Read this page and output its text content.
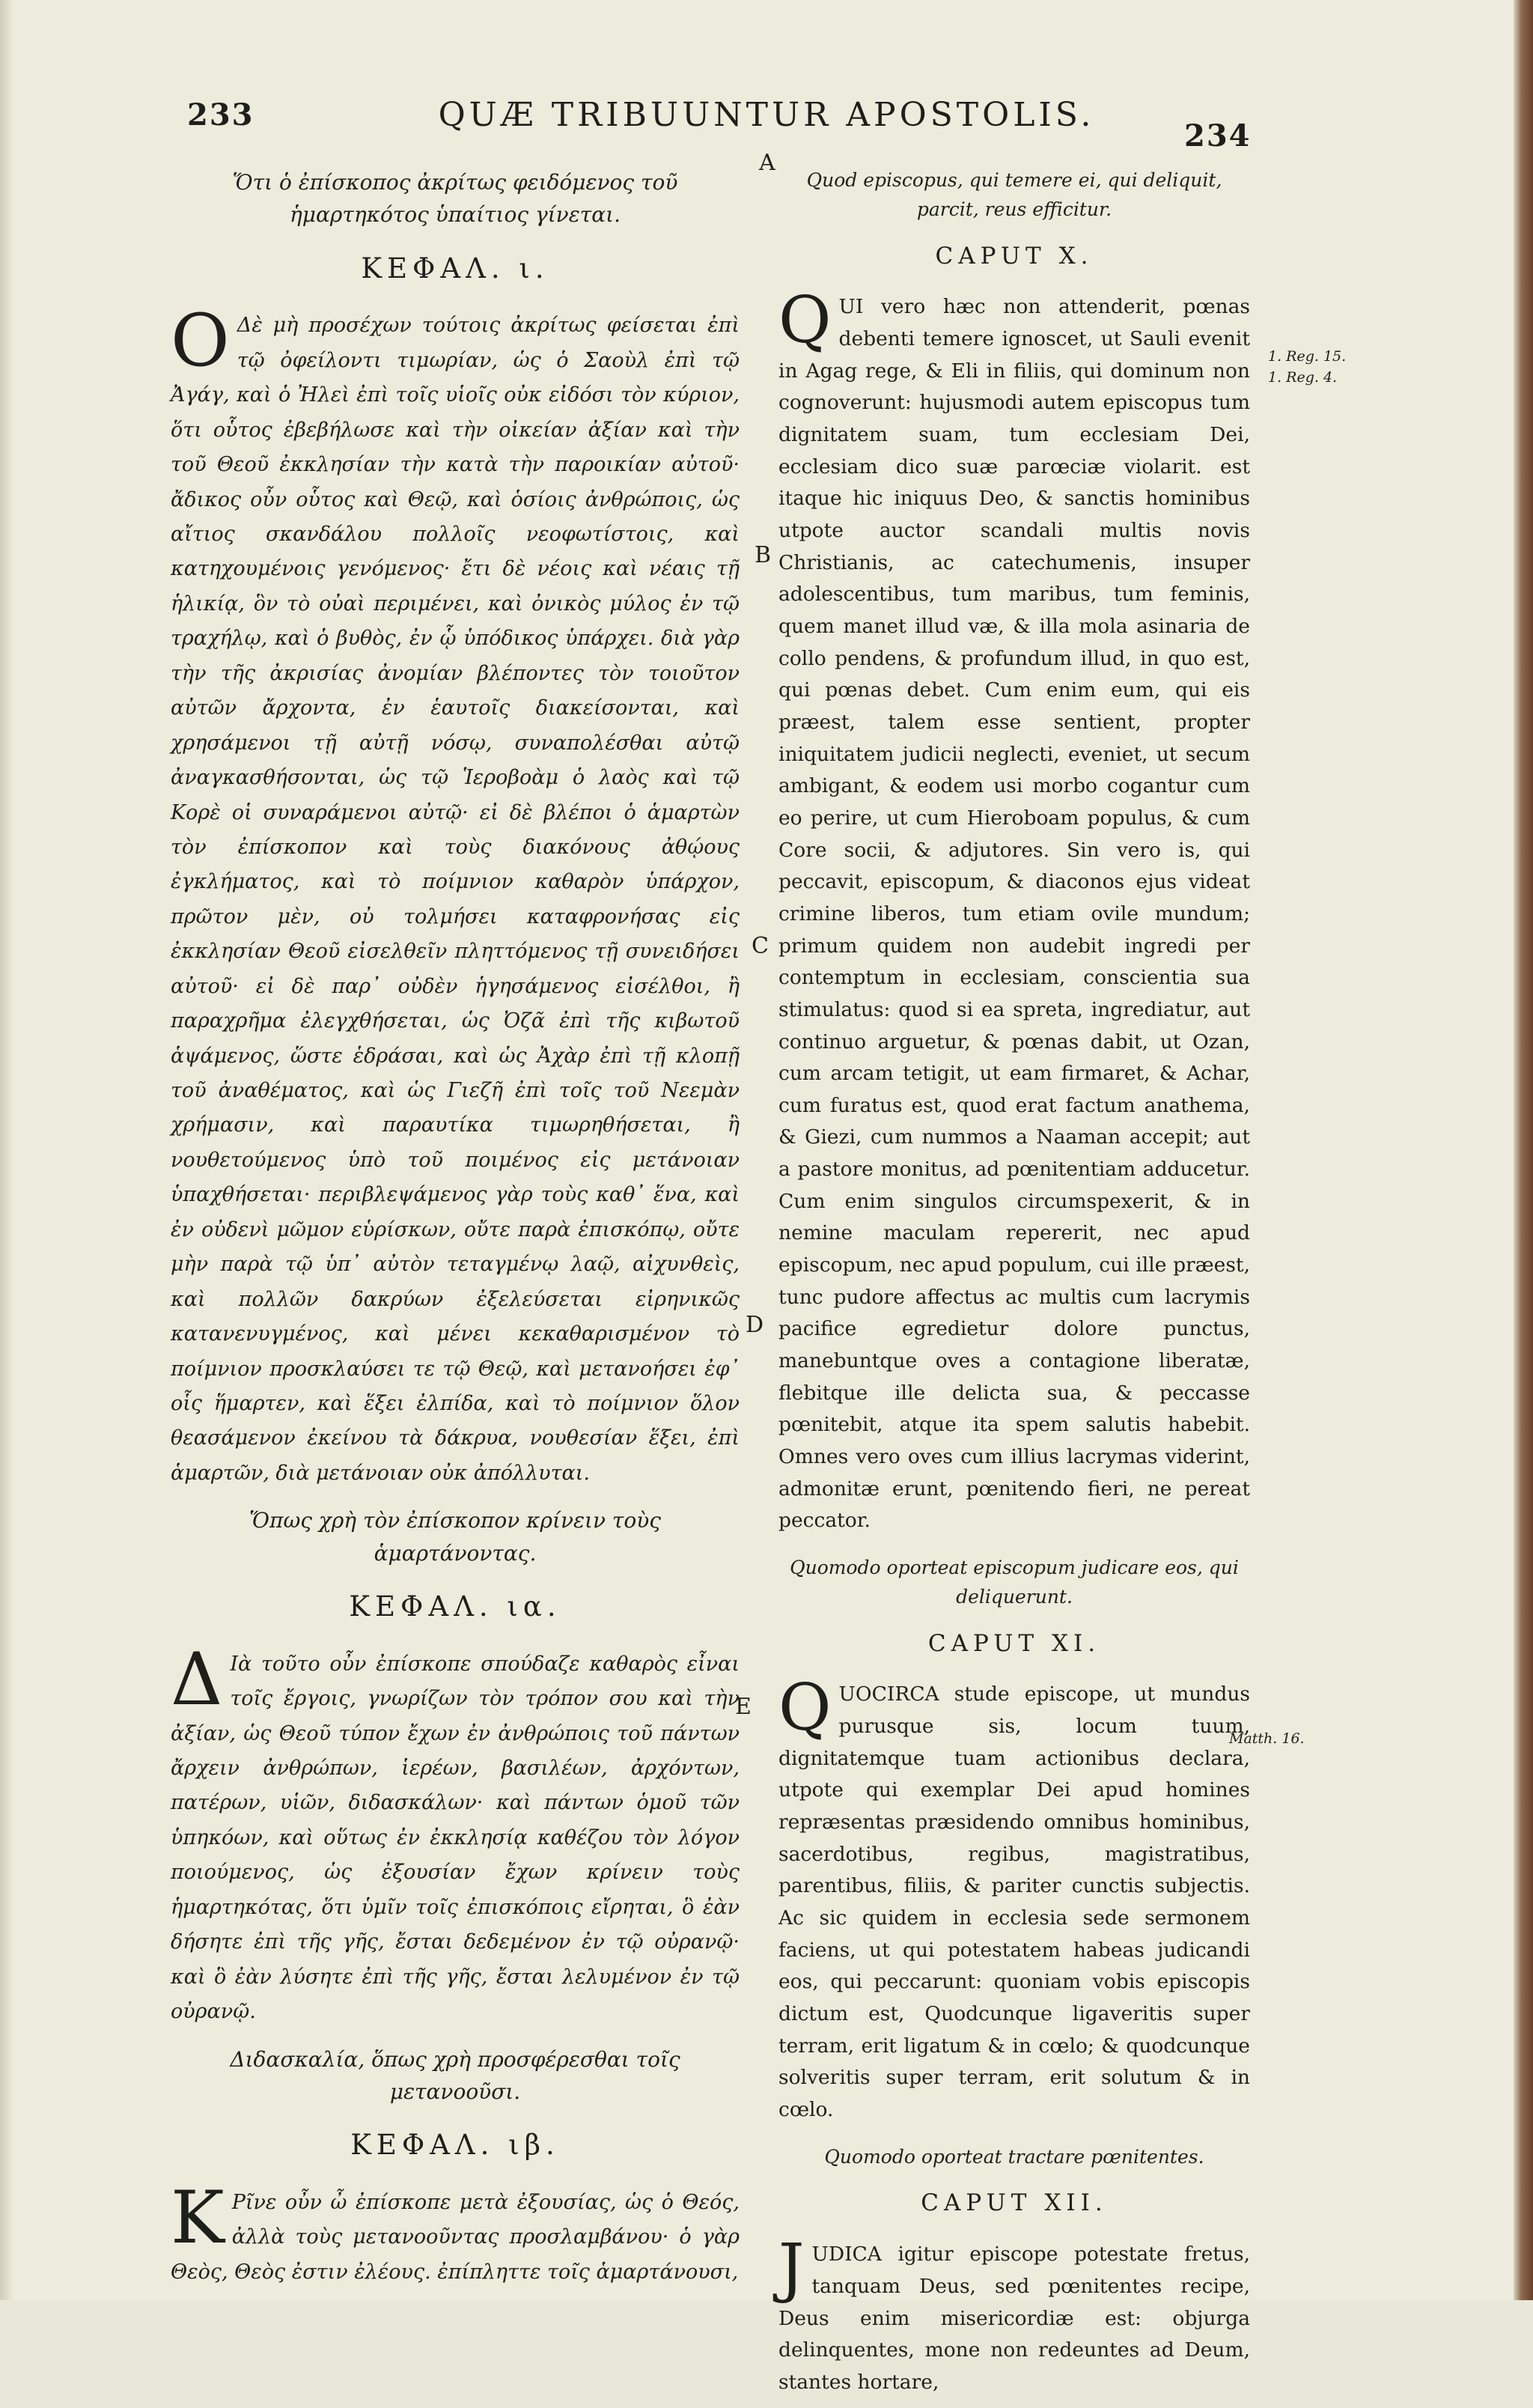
233	QUÆ TRIBUUNTUR APOSTOLIS.
234
Ὅτι ὁ ἐπίσκοπος ἀκρίτως φειδόμενος τοῦ ἡμαρτηκότος ὑπαίτιος γίνεται.
ΚΕΦΑΛ. ι.

Ο Δὲ μὴ προσέχων τούτοις ἀκρίτως φείσεται ἐπὶ τῷ ὀφείλοντι τιμωρίαν, ὡς ὁ Σαοὺλ ἐπὶ τῷ Ἀγάγ, καὶ ὁ Ἠλεὶ ἐπὶ τοῖς υἱοῖς οὐκ εἰδόσι τὸν κύριον, ὅτι οὗτος ἐβεβήλωσε καὶ τὴν οἰκείαν ἀξίαν καὶ τὴν τοῦ Θεοῦ ἐκκλησίαν τὴν κατὰ τὴν παροικίαν αὐτοῦ· ἄδικος οὖν οὗτος καὶ Θεῷ, καὶ ὁσίοις ἀνθρώποις, ὡς αἴτιος σκανδάλου πολλοῖς νεοφωτίστοις, καὶ κατηχουμένοις γενόμενος· ἔτι δὲ νέοις καὶ νέαις τῇ ἡλικίᾳ, ὃν τὸ οὐαὶ περιμένει, καὶ ὀνικὸς μύλος ἐν τῷ τραχήλῳ, καὶ ὁ βυθὸς, ἐν ᾧ ὑπόδικος ὑπάρχει. διὰ γὰρ τὴν τῆς ἀκρισίας ἀνομίαν βλέποντες τὸν τοιοῦτον αὐτῶν ἄρχοντα, ἐν ἑαυτοῖς διακείσονται, καὶ χρησάμενοι τῇ αὐτῇ νόσῳ, συναπολέσθαι αὐτῷ ἀναγκασθήσονται, ὡς τῷ Ἱεροβοὰμ ὁ λαὸς καὶ τῷ Κορὲ οἱ συναράμενοι αὐτῷ· εἰ δὲ βλέποι ὁ ἁμαρτὼν τὸν ἐπίσκοπον καὶ τοὺς διακόνους ἀθῴους ἐγκλήματος, καὶ τὸ ποίμνιον καθαρὸν ὑπάρχον, πρῶτον μὲν, οὐ τολμήσει καταφρονήσας εἰς ἐκκλησίαν Θεοῦ εἰσελθεῖν πληττόμενος τῇ συνειδήσει αὐτοῦ· εἰ δὲ παρ᾽ οὐδὲν ἡγησάμενος εἰσέλθοι, ἢ παραχρῆμα ἐλεγχθήσεται, ὡς Ὀζᾶ ἐπὶ τῆς κιβωτοῦ ἁψάμενος, ὥστε ἑδράσαι, καὶ ὡς Ἀχὰρ ἐπὶ τῇ κλοπῇ τοῦ ἀναθέματος, καὶ ὡς Γιεζῆ ἐπὶ τοῖς τοῦ Νεεμὰν χρήμασιν, καὶ παραυτίκα τιμωρηθήσεται, ἢ νουθετούμενος ὑπὸ τοῦ ποιμένος εἰς μετάνοιαν ὑπαχθήσεται· περιβλεψάμενος γὰρ τοὺς καθ᾽ ἕνα, καὶ ἐν οὐδενὶ μῶμον εὑρίσκων, οὔτε παρὰ ἐπισκόπῳ, οὔτε μὴν παρὰ τῷ ὑπ᾽ αὐτὸν τεταγμένῳ λαῷ, αἰχυνθεὶς, καὶ πολλῶν δακρύων ἐξελεύσεται εἰρηνικῶς κατανενυγμένος, καὶ μένει κεκαθαρισμένον τὸ ποίμνιον προσκλαύσει τε τῷ Θεῷ, καὶ μετανοήσει ἐφ᾽ οἷς ἥμαρτεν, καὶ ἕξει ἐλπίδα, καὶ τὸ ποίμνιον ὅλον θεασάμενον ἐκείνου τὰ δάκρυα, νουθεσίαν ἕξει, ἐπὶ ἁμαρτῶν, διὰ μετάνοιαν οὐκ ἀπόλλυται.

Ὅπως χρὴ τὸν ἐπίσκοπον κρίνειν τοὺς ἁμαρτάνοντας.
ΚΕΦΑΛ. ια.

Δ Ιὰ τοῦτο οὖν ἐπίσκοπε σπούδαζε καθαρὸς εἶναι τοῖς ἔργοις, γνωρίζων τὸν τρόπον σου καὶ τὴν ἀξίαν, ὡς Θεοῦ τύπον ἔχων ἐν ἀνθρώποις τοῦ πάντων ἄρχειν ἀνθρώπων, ἱερέων, βασιλέων, ἀρχόντων, πατέρων, υἱῶν, διδασκάλων· καὶ πάντων ὁμοῦ τῶν ὑπηκόων, καὶ οὕτως ἐν ἐκκλησίᾳ καθέζου τὸν λόγον ποιούμενος, ὡς ἐξουσίαν ἔχων κρίνειν τοὺς ἡμαρτηκότας, ὅτι ὑμῖν τοῖς ἐπισκόποις εἴρηται, ὃ ἐὰν δήσητε ἐπὶ τῆς γῆς, ἔσται δεδεμένον ἐν τῷ οὐρανῷ· καὶ ὃ ἐὰν λύσητε ἐπὶ τῆς γῆς, ἔσται λελυμένον ἐν τῷ οὐρανῷ.

Διδασκαλία, ὅπως χρὴ προσφέρεσθαι τοῖς μετανοοῦσι.
ΚΕΦΑΛ. ιβ.

Κ Ρῖνε οὖν ὦ ἐπίσκοπε μετὰ ἐξουσίας, ὡς ὁ Θεός, ἀλλὰ τοὺς μετανοοῦντας προσλαμβάνου· ὁ γὰρ Θεὸς, Θεὸς ἐστιν ἐλέους. ἐπίπληττε τοῖς ἁμαρτάνουσι,

A
B
C
D
E
Quod episcopus, qui temere ei, qui deliquit, parcit, reus efficitur.
CAPUT X.

QUI vero hæc non attenderit, pœnas debenti temere ignoscet, ut Sauli evenit in Agag rege, & Eli in filiis, qui dominum non cognoverunt: hujusmodi autem episcopus tum dignitatem suam, tum ecclesiam Dei, ecclesiam dico suæ parœciæ violarit. est itaque hic iniquus Deo, & sanctis hominibus utpote auctor scandali multis novis Christianis, ac catechumenis, insuper adolescentibus, tum maribus, tum feminis, quem manet illud væ, & illa mola asinaria de collo pendens, & profundum illud, in quo est, qui pœnas debet. Cum enim eum, qui eis præest, talem esse sentient, propter iniquitatem judicii neglecti, eveniet, ut secum ambigant, & eodem usi morbo cogantur cum eo perire, ut cum Hieroboam populus, & cum Core socii, & adjutores. Sin vero is, qui peccavit, episcopum, & diaconos ejus videat crimine liberos, tum etiam ovile mundum; primum quidem non audebit ingredi per contemptum in ecclesiam, conscientia sua stimulatus: quod si ea spreta, ingrediatur, aut continuo arguetur, & pœnas dabit, ut Ozan, cum arcam tetigit, ut eam firmaret, & Achar, cum furatus est, quod erat factum anathema, & Giezi, cum nummos a Naaman accepit; aut a pastore monitus, ad pœnitentiam adducetur. Cum enim singulos circumspexerit, & in nemine maculam repererit, nec apud episcopum, nec apud populum, cui ille præest, tunc pudore affectus ac multis cum lacrymis pacifice egredietur dolore punctus, manebuntque oves a contagione liberatæ, flebitque ille delicta sua, & peccasse pœnitebit, atque ita spem salutis habebit. Omnes vero oves cum illius lacrymas viderint, admonitæ erunt, pœnitendo fieri, ne pereat peccator.

Quomodo oporteat episcopum judicare eos, qui deliquerunt.
CAPUT XI.

QUOCIRCA stude episcope, ut mundus purusque sis, locum tuum, dignitatemque tuam actionibus declara, utpote qui exemplar Dei apud homines repræsentas præsidendo omnibus hominibus, sacerdotibus, regibus, magistratibus, parentibus, filiis, & pariter cunctis subjectis. Ac sic quidem in ecclesia sede sermonem faciens, ut qui potestatem habeas judicandi eos, qui peccarunt: quoniam vobis episcopis dictum est, Quodcunque ligaveritis super terram, erit ligatum & in cœlo; & quodcunque solveritis super terram, erit solutum & in cœlo.

Quomodo oporteat tractare pœnitentes.
CAPUT XII.

JUDICA igitur episcope potestate fretus, tanquam Deus, sed pœnitentes recipe, Deus enim misericordiæ est: objurga delinquentes, mone non redeuntes ad Deum, stantes hortare,

1. Reg. 15.
1. Reg. 4.
Matth. 16.
